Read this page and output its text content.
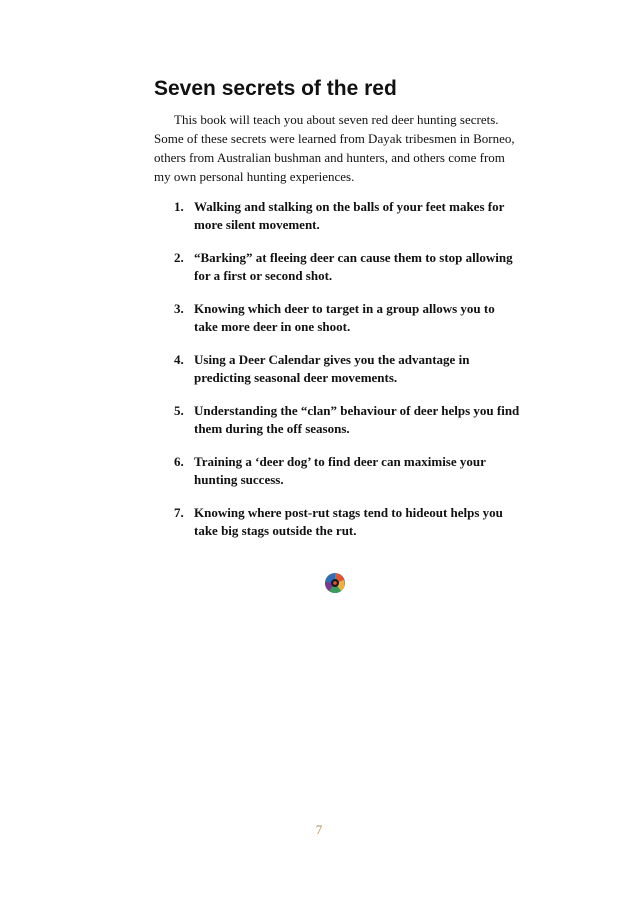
Seven secrets of the red

This book will teach you about seven red deer hunting secrets.
Some of these secrets were learned from Dayak tribesmen in Borneo,
others from Australian bushman and hunters, and others come from
my own personal hunting experiences.

1. Walking and stalking on the balls of your feet makes for
more silent movement.
2. “Barking” at fleeing deer can cause them to stop allowing
for a first or second shot.
3. Knowing which deer to target in a group allows you to
take more deer in one shoot.
4. Using a Deer Calendar gives you the advantage in
predicting seasonal deer movements.
5. Understanding the “clan” behaviour of deer helps you find
them during the off seasons.
6. Training a ‘deer dog’ to find deer can maximise your
hunting success.
7. Knowing where post-rut stags tend to hideout helps you
take big stags outside the rut.
7
